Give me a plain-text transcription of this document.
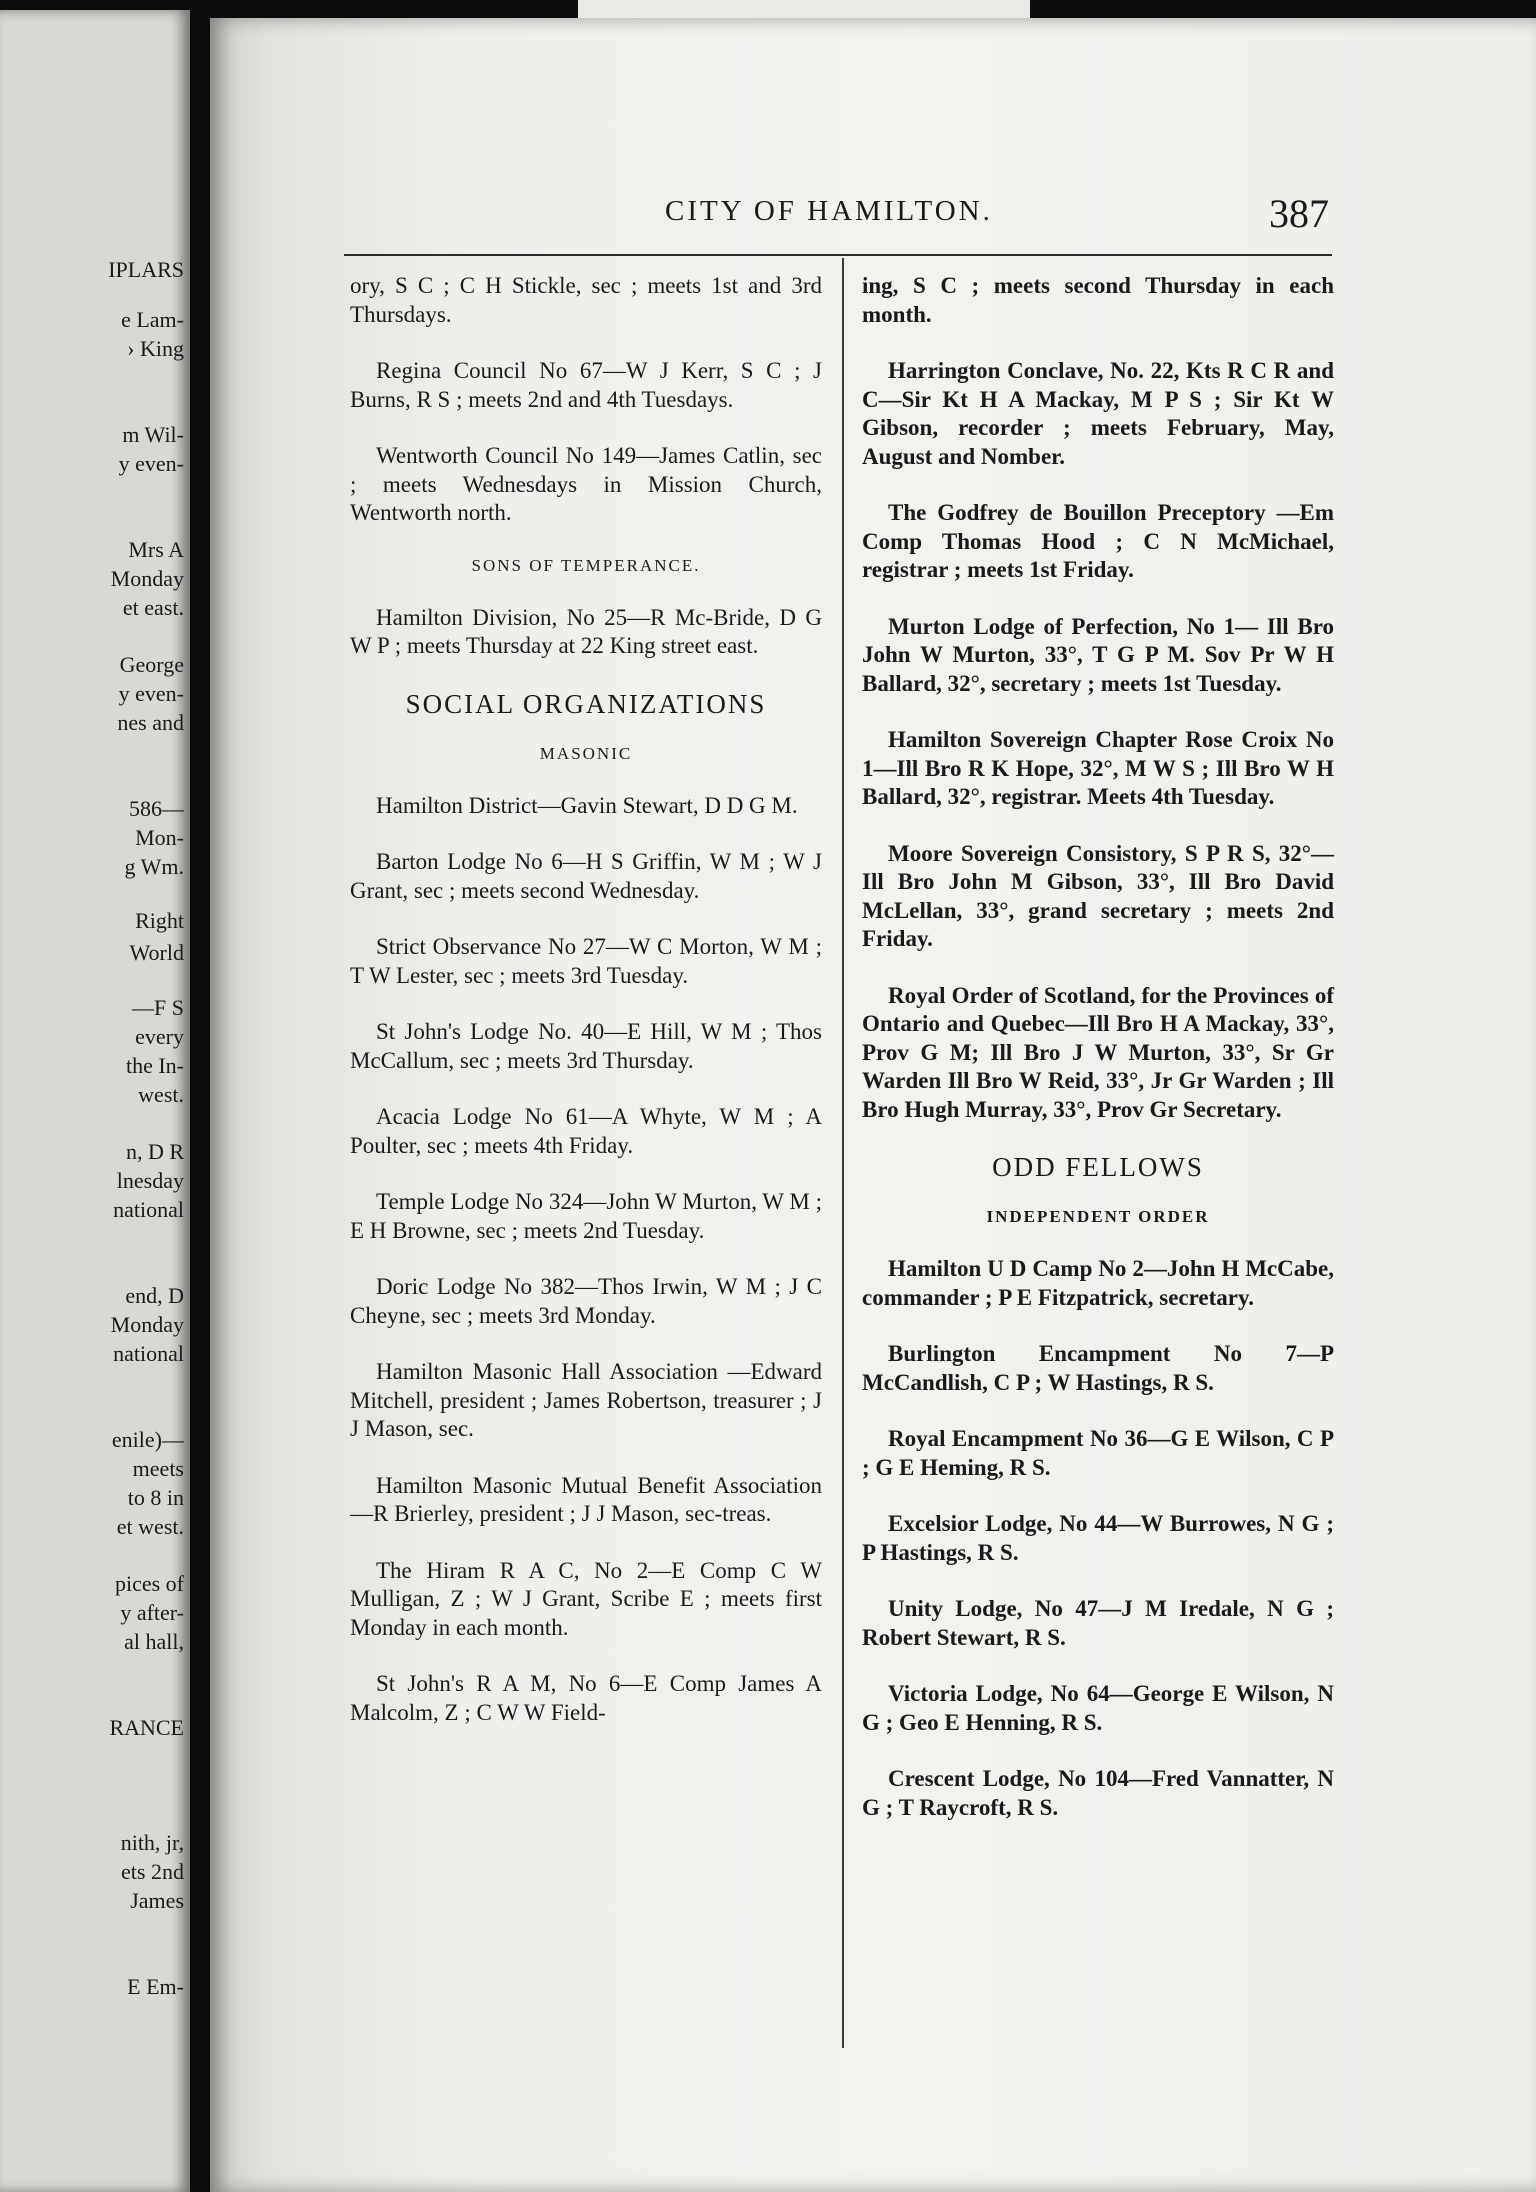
IPLARS
e Lam-
› King
m Wil-
y even-
Mrs A
Monday
et east.
George
y even-
nes and
586—
Mon-
g Wm.
Right
World
—F S
every
the In-
west.
n, D R
lnesday
national
end, D
Monday
national
enile)—
meets
to 8 in
et west.
pices of
y after-
al hall,
RANCE
nith, jr,
ets 2nd
James
E Em-
CITY OF HAMILTON.	387
ory, S C ; C H Stickle, sec ; meets 1st and 3rd Thursdays.
Regina Council No 67—W J Kerr, S C ; J Burns, R S ; meets 2nd and 4th Tuesdays.
Wentworth Council No 149—James Catlin, sec ; meets Wednesdays in Mission Church, Wentworth north.
SONS OF TEMPERANCE.
Hamilton Division, No 25—R Mc-Bride, D G W P ; meets Thursday at 22 King street east.
SOCIAL ORGANIZATIONS
MASONIC
Hamilton District—Gavin Stewart, D D G M.
Barton Lodge No 6—H S Griffin, W M ; W J Grant, sec ; meets second Wednesday.
Strict Observance No 27—W C Morton, W M ; T W Lester, sec ; meets 3rd Tuesday.
St John's Lodge No. 40—E Hill, W M ; Thos McCallum, sec ; meets 3rd Thursday.
Acacia Lodge No 61—A Whyte, W M ; A Poulter, sec ; meets 4th Friday.
Temple Lodge No 324—John W Murton, W M ; E H Browne, sec ; meets 2nd Tuesday.
Doric Lodge No 382—Thos Irwin, W M ; J C Cheyne, sec ; meets 3rd Monday.
Hamilton Masonic Hall Association —Edward Mitchell, president ; James Robertson, treasurer ; J J Mason, sec.
Hamilton Masonic Mutual Benefit Association—R Brierley, president ; J J Mason, sec-treas.
The Hiram R A C, No 2—E Comp C W Mulligan, Z ; W J Grant, Scribe E ; meets first Monday in each month.
St John's R A M, No 6—E Comp James A Malcolm, Z ; C W W Field-
ing, S C ; meets second Thursday in each month.
Harrington Conclave, No. 22, Kts R C R and C—Sir Kt H A Mackay, M P S ; Sir Kt W Gibson, recorder ; meets February, May, August and Nomber.
The Godfrey de Bouillon Preceptory —Em Comp Thomas Hood ; C N McMichael, registrar ; meets 1st Friday.
Murton Lodge of Perfection, No 1— Ill Bro John W Murton, 33°, T G P M. Sov Pr W H Ballard, 32°, secretary ; meets 1st Tuesday.
Hamilton Sovereign Chapter Rose Croix No 1—Ill Bro R K Hope, 32°, M W S ; Ill Bro W H Ballard, 32°, registrar. Meets 4th Tuesday.
Moore Sovereign Consistory, S P R S, 32°—Ill Bro John M Gibson, 33°, Ill Bro David McLellan, 33°, grand secretary ; meets 2nd Friday.
Royal Order of Scotland, for the Provinces of Ontario and Quebec—Ill Bro H A Mackay, 33°, Prov G M; Ill Bro J W Murton, 33°, Sr Gr Warden Ill Bro W Reid, 33°, Jr Gr Warden ; Ill Bro Hugh Murray, 33°, Prov Gr Secretary.
ODD FELLOWS
INDEPENDENT ORDER
Hamilton U D Camp No 2—John H McCabe, commander ; P E Fitzpatrick, secretary.
Burlington Encampment No 7—P McCandlish, C P ; W Hastings, R S.
Royal Encampment No 36—G E Wilson, C P ; G E Heming, R S.
Excelsior Lodge, No 44—W Burrowes, N G ; P Hastings, R S.
Unity Lodge, No 47—J M Iredale, N G ; Robert Stewart, R S.
Victoria Lodge, No 64—George E Wilson, N G ; Geo E Henning, R S.
Crescent Lodge, No 104—Fred Vannatter, N G ; T Raycroft, R S.
